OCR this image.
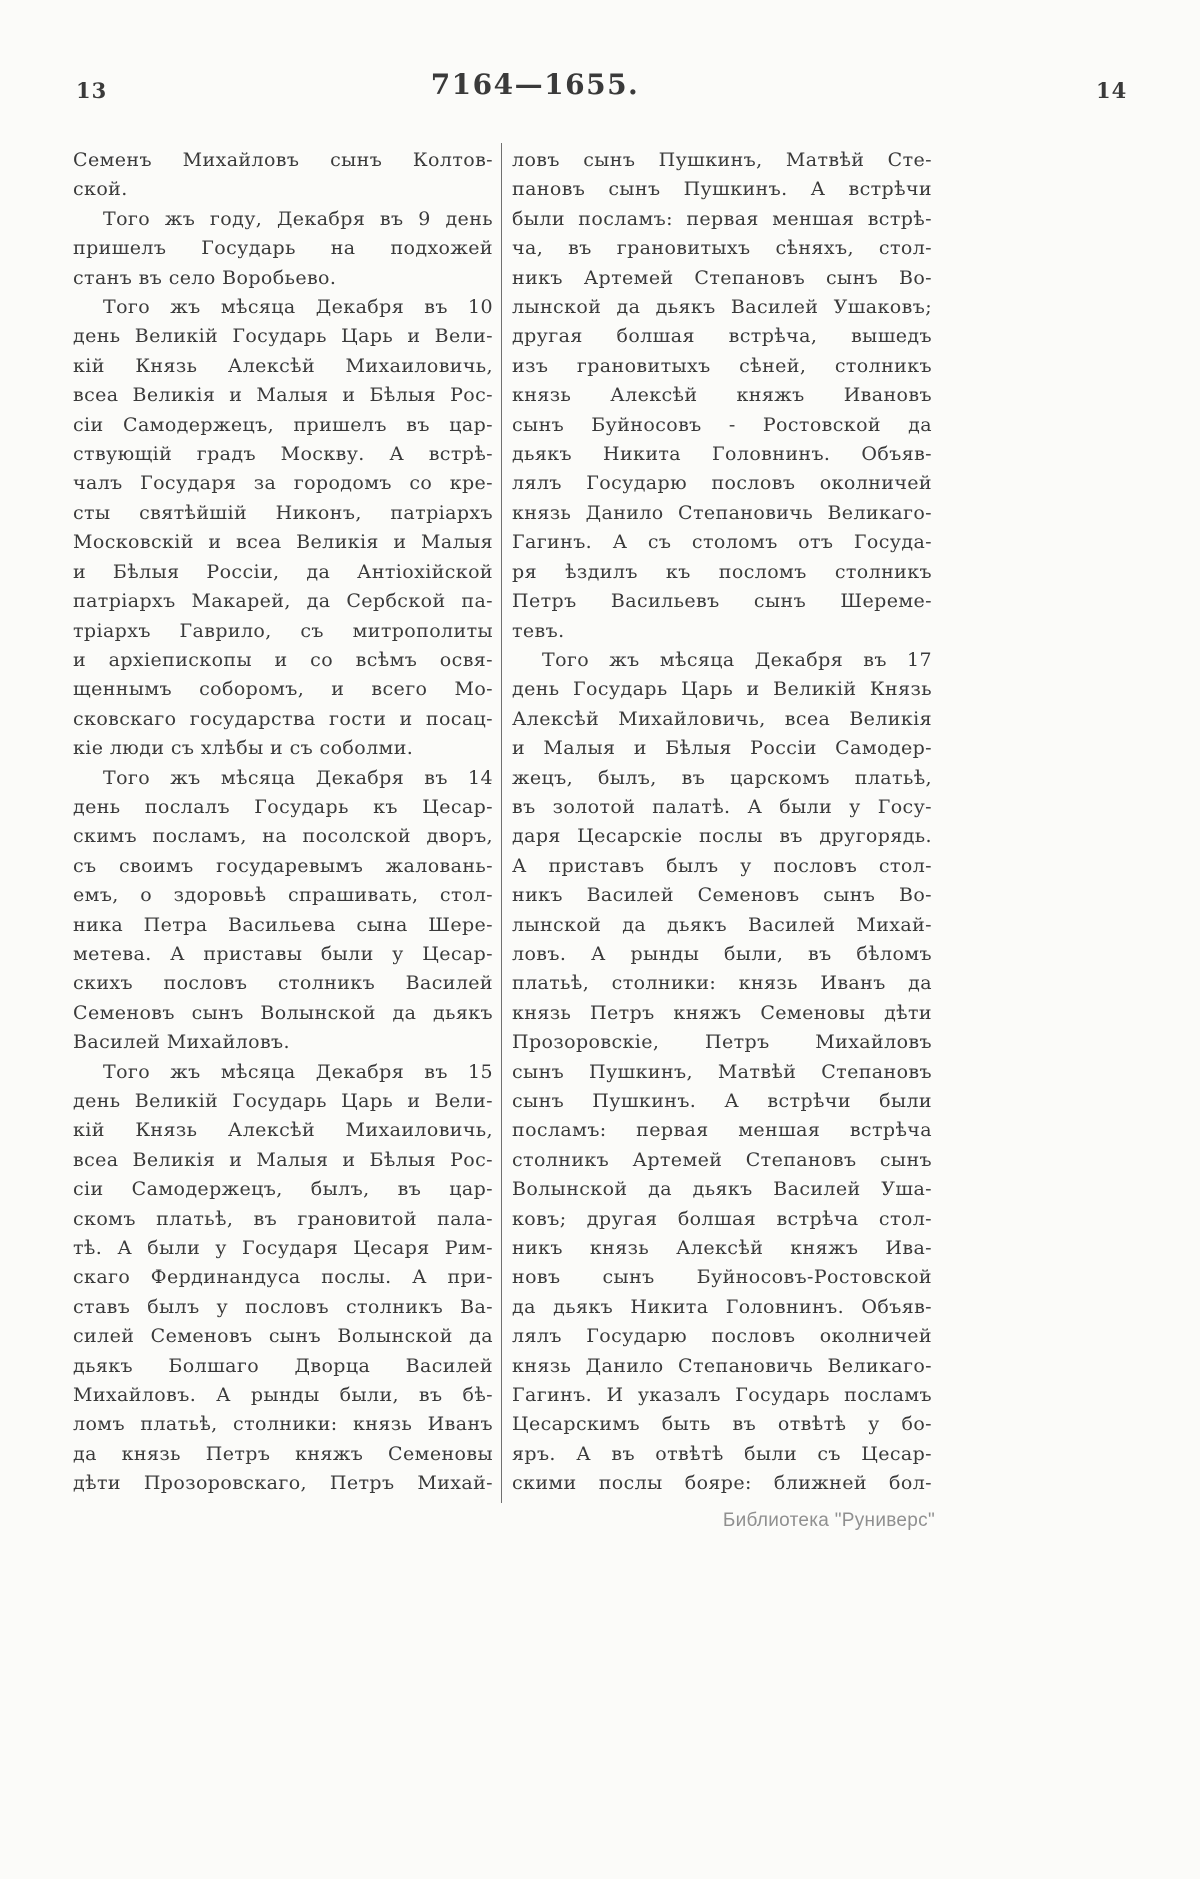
13	7164—1655.	14
Семенъ Михайловъ сынъ Колтов-
ской.
Того жъ году, Декабря въ 9 день
пришелъ Государь на подхожей
станъ въ село Воробьево.
Того жъ мѣсяца Декабря въ 10
день Великій Государь Царь и Вели-
кій Князь Алексѣй Михаиловичь,
всеа Великія и Малыя и Бѣлыя Рос-
сіи Самодержецъ, пришелъ въ цар-
ствующій градъ Москву. А встрѣ-
чалъ Государя за городомъ со кре-
сты святѣйшій Никонъ, патріархъ
Московскій и всеа Великія и Малыя
и Бѣлыя Россіи, да Антіохійской
патріархъ Макарей, да Сербской па-
тріархъ Гаврило, съ митрополиты
и архіепископы и со всѣмъ освя-
щеннымъ соборомъ, и всего Мо-
сковскаго государства гости и посац-
кіе люди съ хлѣбы и съ соболми.
Того жъ мѣсяца Декабря въ 14
день послалъ Государь къ Цесар-
скимъ посламъ, на посолской дворъ,
съ своимъ государевымъ жаловань-
емъ, о здоровьѣ спрашивать, стол-
ника Петра Васильева сына Шере-
метева. А приставы были у Цесар-
скихъ пословъ столникъ Василей
Семеновъ сынъ Волынской да дьякъ
Василей Михайловъ.
Того жъ мѣсяца Декабря въ 15
день Великій Государь Царь и Вели-
кій Князь Алексѣй Михаиловичь,
всеа Великія и Малыя и Бѣлыя Рос-
сіи Самодержецъ, былъ, въ цар-
скомъ платьѣ, въ грановитой пала-
тѣ. А были у Государя Цесаря Рим-
скаго Фердинандуса послы. А при-
ставъ былъ у пословъ столникъ Ва-
силей Семеновъ сынъ Волынской да
дьякъ Болшаго Дворца Василей
Михайловъ. А рынды были, въ бѣ-
ломъ платьѣ, столники: князь Иванъ
да князь Петръ княжъ Семеновы
дѣти Прозоровскаго, Петръ Михай-
ловъ сынъ Пушкинъ, Матвѣй Сте-
пановъ сынъ Пушкинъ. А встрѣчи
были посламъ: первая меншая встрѣ-
ча, въ грановитыхъ сѣняхъ, стол-
никъ Артемей Степановъ сынъ Во-
лынской да дьякъ Василей Ушаковъ;
другая болшая встрѣча, вышедъ
изъ грановитыхъ сѣней, столникъ
князь Алексѣй княжъ Ивановъ
сынъ Буйносовъ - Ростовской да
дьякъ Никита Головнинъ. Объяв-
лялъ Государю пословъ околничей
князь Данило Степановичь Великаго-
Гагинъ. А съ столомъ отъ Госуда-
ря ѣздилъ къ посломъ столникъ
Петръ Васильевъ сынъ Шереме-
тевъ.
Того жъ мѣсяца Декабря въ 17
день Государь Царь и Великій Князь
Алексѣй Михайловичь, всеа Великія
и Малыя и Бѣлыя Россіи Самодер-
жецъ, былъ, въ царскомъ платьѣ,
въ золотой палатѣ. А были у Госу-
даря Цесарскіе послы въ другорядь.
А приставъ былъ у пословъ стол-
никъ Василей Семеновъ сынъ Во-
лынской да дьякъ Василей Михай-
ловъ. А рынды были, въ бѣломъ
платьѣ, столники: князь Иванъ да
князь Петръ княжъ Семеновы дѣти
Прозоровскіе, Петръ Михайловъ
сынъ Пушкинъ, Матвѣй Степановъ
сынъ Пушкинъ. А встрѣчи были
посламъ: первая меншая встрѣча
столникъ Артемей Степановъ сынъ
Волынской да дьякъ Василей Уша-
ковъ; другая болшая встрѣча стол-
никъ князь Алексѣй княжъ Ива-
новъ сынъ Буйносовъ-Ростовской
да дьякъ Никита Головнинъ. Объяв-
лялъ Государю пословъ околничей
князь Данило Степановичь Великаго-
Гагинъ. И указалъ Государь посламъ
Цесарскимъ быть въ отвѣтѣ у бо-
яръ. А въ отвѣтѣ были съ Цесар-
скими послы бояре: ближней бол-
Библиотека "Руниверс"
